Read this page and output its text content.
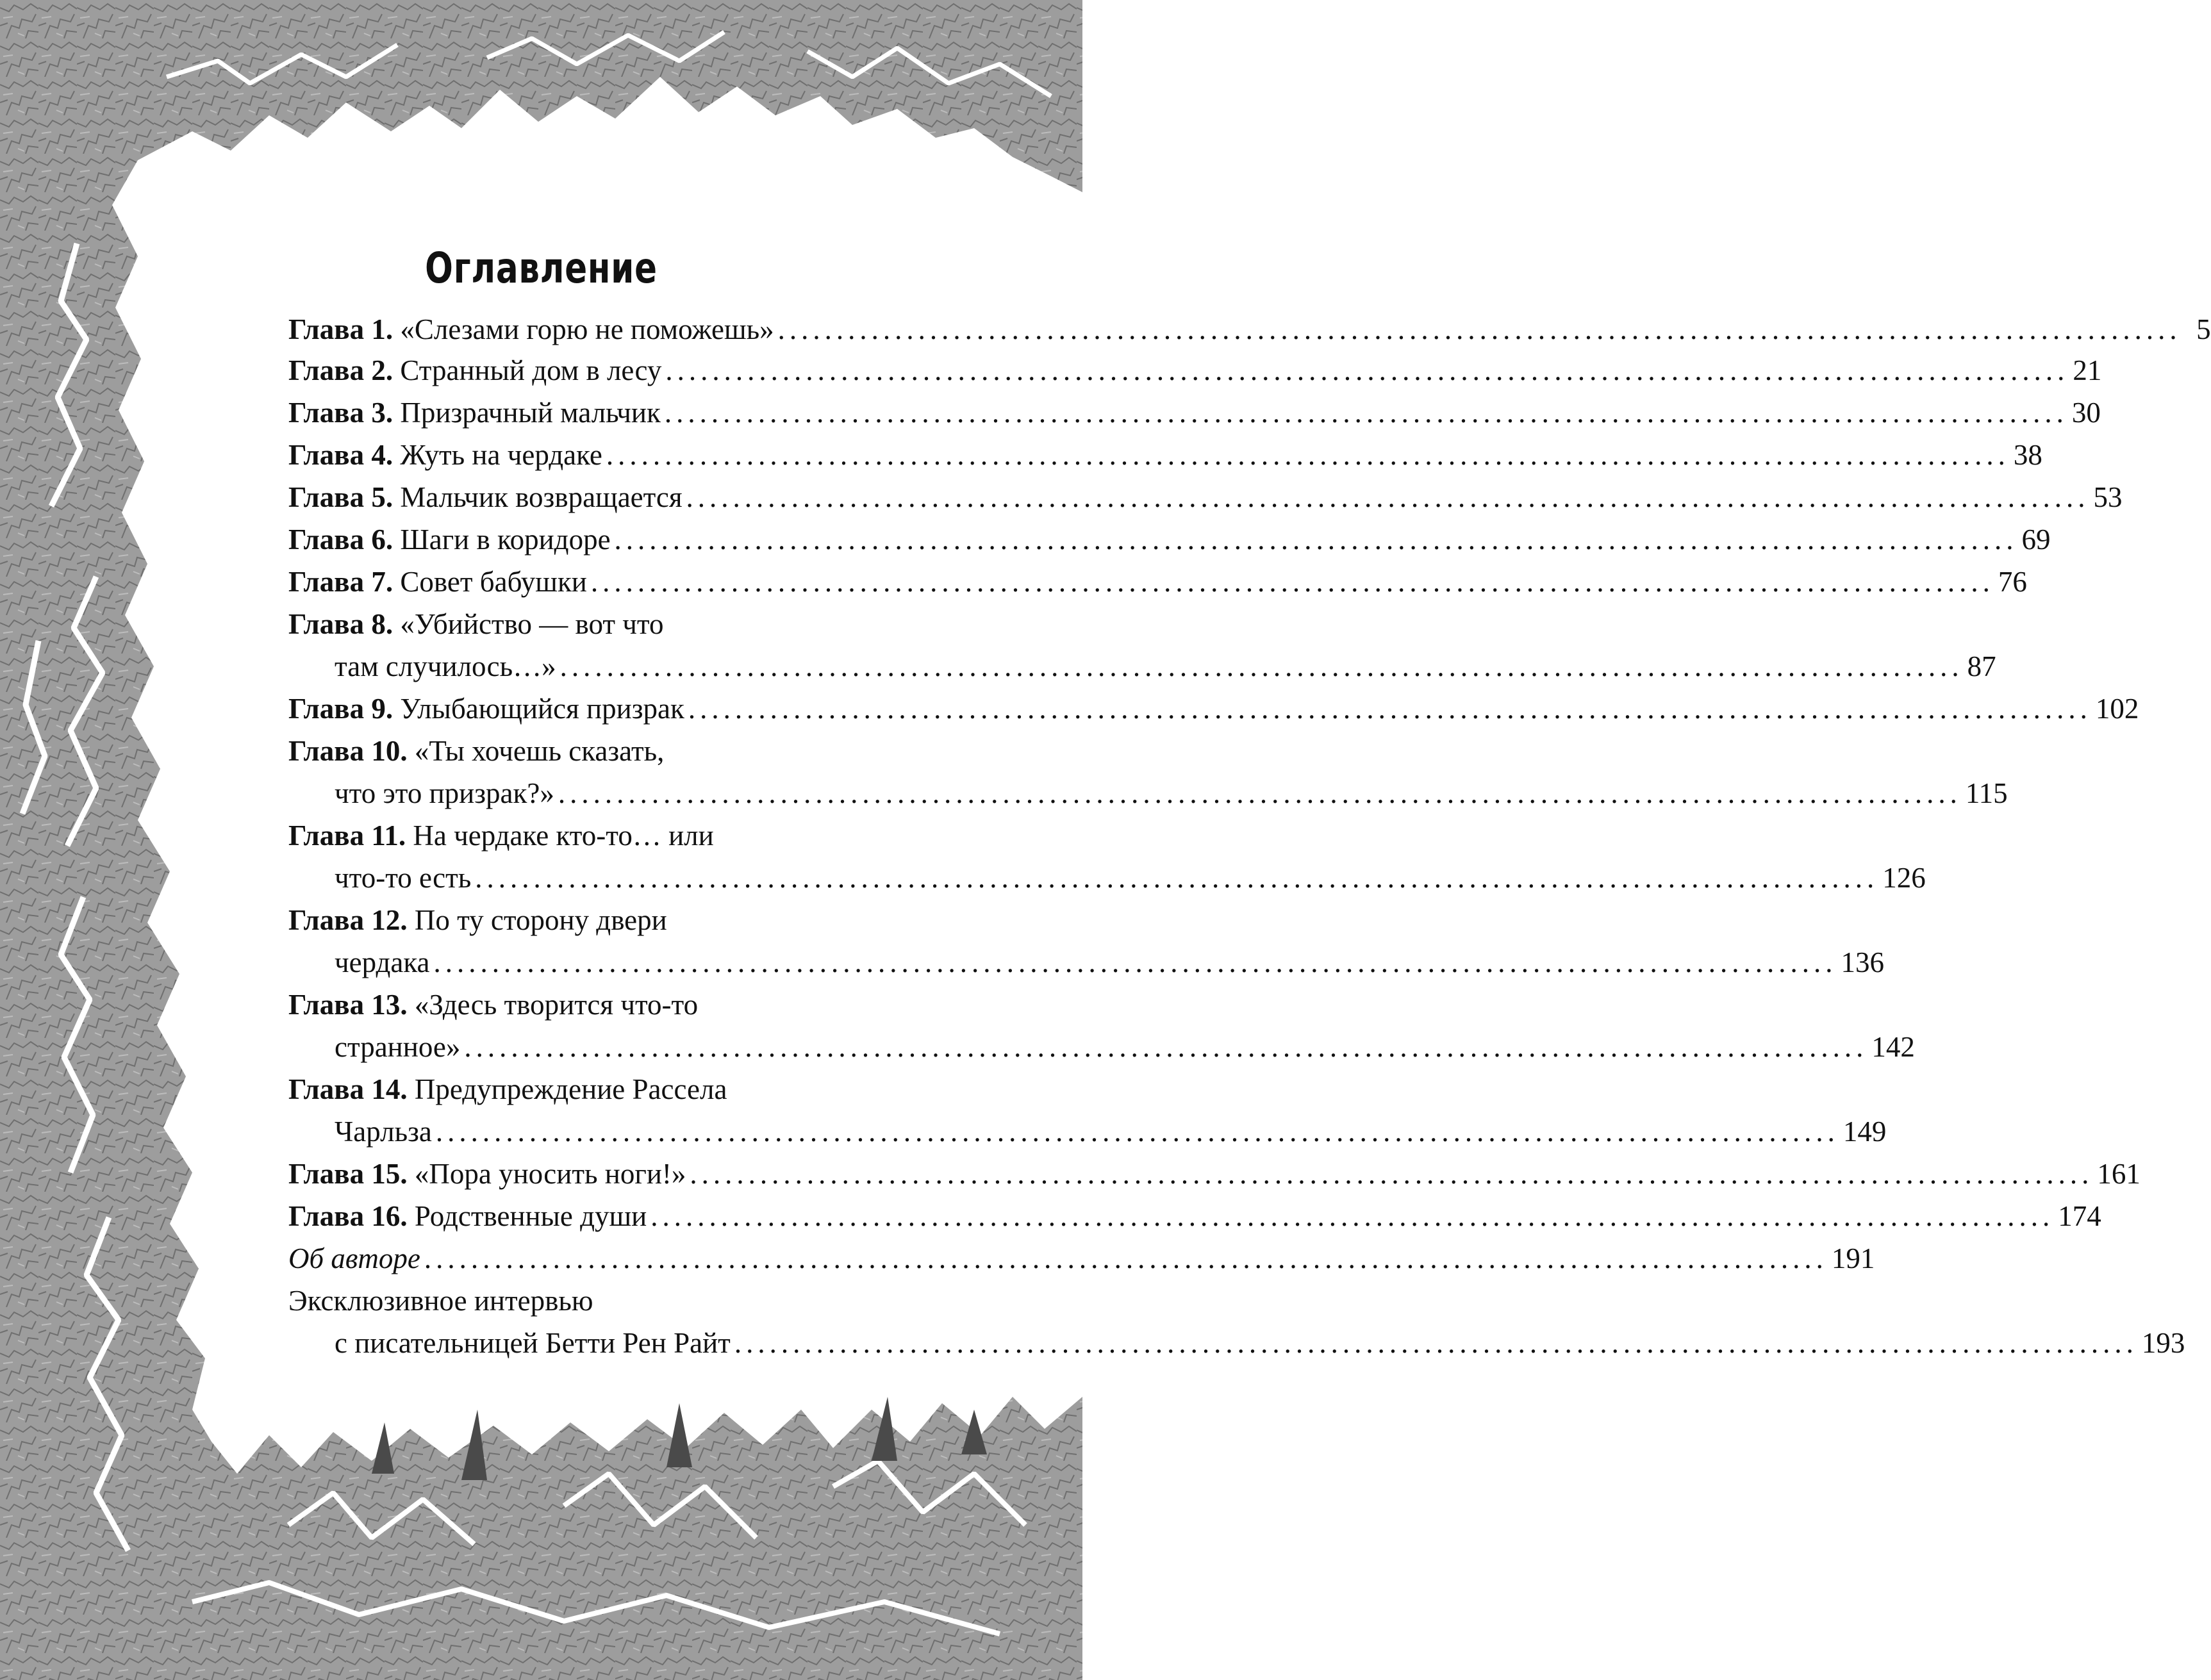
Оглавление
Глава 1.
«Слезами горю не поможешь» ........................................................................................................................ 5
Глава 2.
Странный дом в лесу ........................................................................................................................ 21
Глава 3.
Призрачный мальчик ........................................................................................................................ 30
Глава 4.
Жуть на чердаке ........................................................................................................................ 38
Глава 5.
Мальчик возвращается ........................................................................................................................ 53
Глава 6.
Шаги в коридоре ........................................................................................................................ 69
Глава 7.
Совет бабушки ........................................................................................................................ 76
Глава 8.
«Убийство — вот что
там случилось…» ........................................................................................................................ 87
Глава 9.
Улыбающийся призрак ........................................................................................................................ 102
Глава 10.
«Ты хочешь сказать,
что это призрак?» ........................................................................................................................ 115
Глава 11.
На чердаке кто-то… или
что-то есть ........................................................................................................................ 126
Глава 12.
По ту сторону двери
чердака ........................................................................................................................ 136
Глава 13.
«Здесь творится что-то
странное» ........................................................................................................................ 142
Глава 14.
Предупреждение Рассела
Чарльза ........................................................................................................................ 149
Глава 15.
«Пора уносить ноги!» ........................................................................................................................ 161
Глава 16.
Родственные души ........................................................................................................................ 174
Об авторе ........................................................................................................................ 191
Эксклюзивное интервью
с писательницей Бетти Рен Райт ........................................................................................................................ 193
